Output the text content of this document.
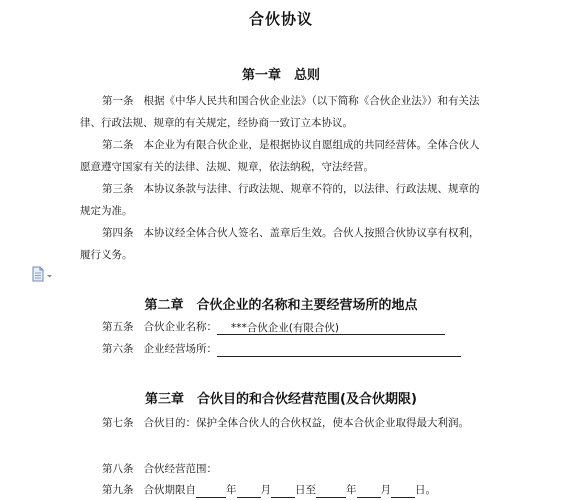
合伙协议
第一章　总则
第一条 根据《中华人民共和国合伙企业法》（以下简称《合伙企业法》）和有关法律、行政法规、规章的有关规定，经协商一致订立本协议。
第二条 本企业为有限合伙企业，是根据协议自愿组成的共同经营体。全体合伙人愿意遵守国家有关的法律、法规、规章，依法纳税，守法经营。
第三条 本协议条款与法律、行政法规、规章不符的，以法律、行政法规、规章的规定为准。
第四条 本协议经全体合伙人签名、盖章后生效。合伙人按照合伙协议享有权利，履行义务。
第二章　合伙企业的名称和主要经营场所的地点
第五条 合伙企业名称： ***合伙企业(有限合伙)
第六条 企业经营场所：
第三章　合伙目的和合伙经营范围(及合伙期限)
第七条 合伙目的：保护全体合伙人的合伙权益，使本合伙企业取得最大利润。
第八条 合伙经营范围：
第九条 合伙期限自	年 月 日至	年 月 日。
